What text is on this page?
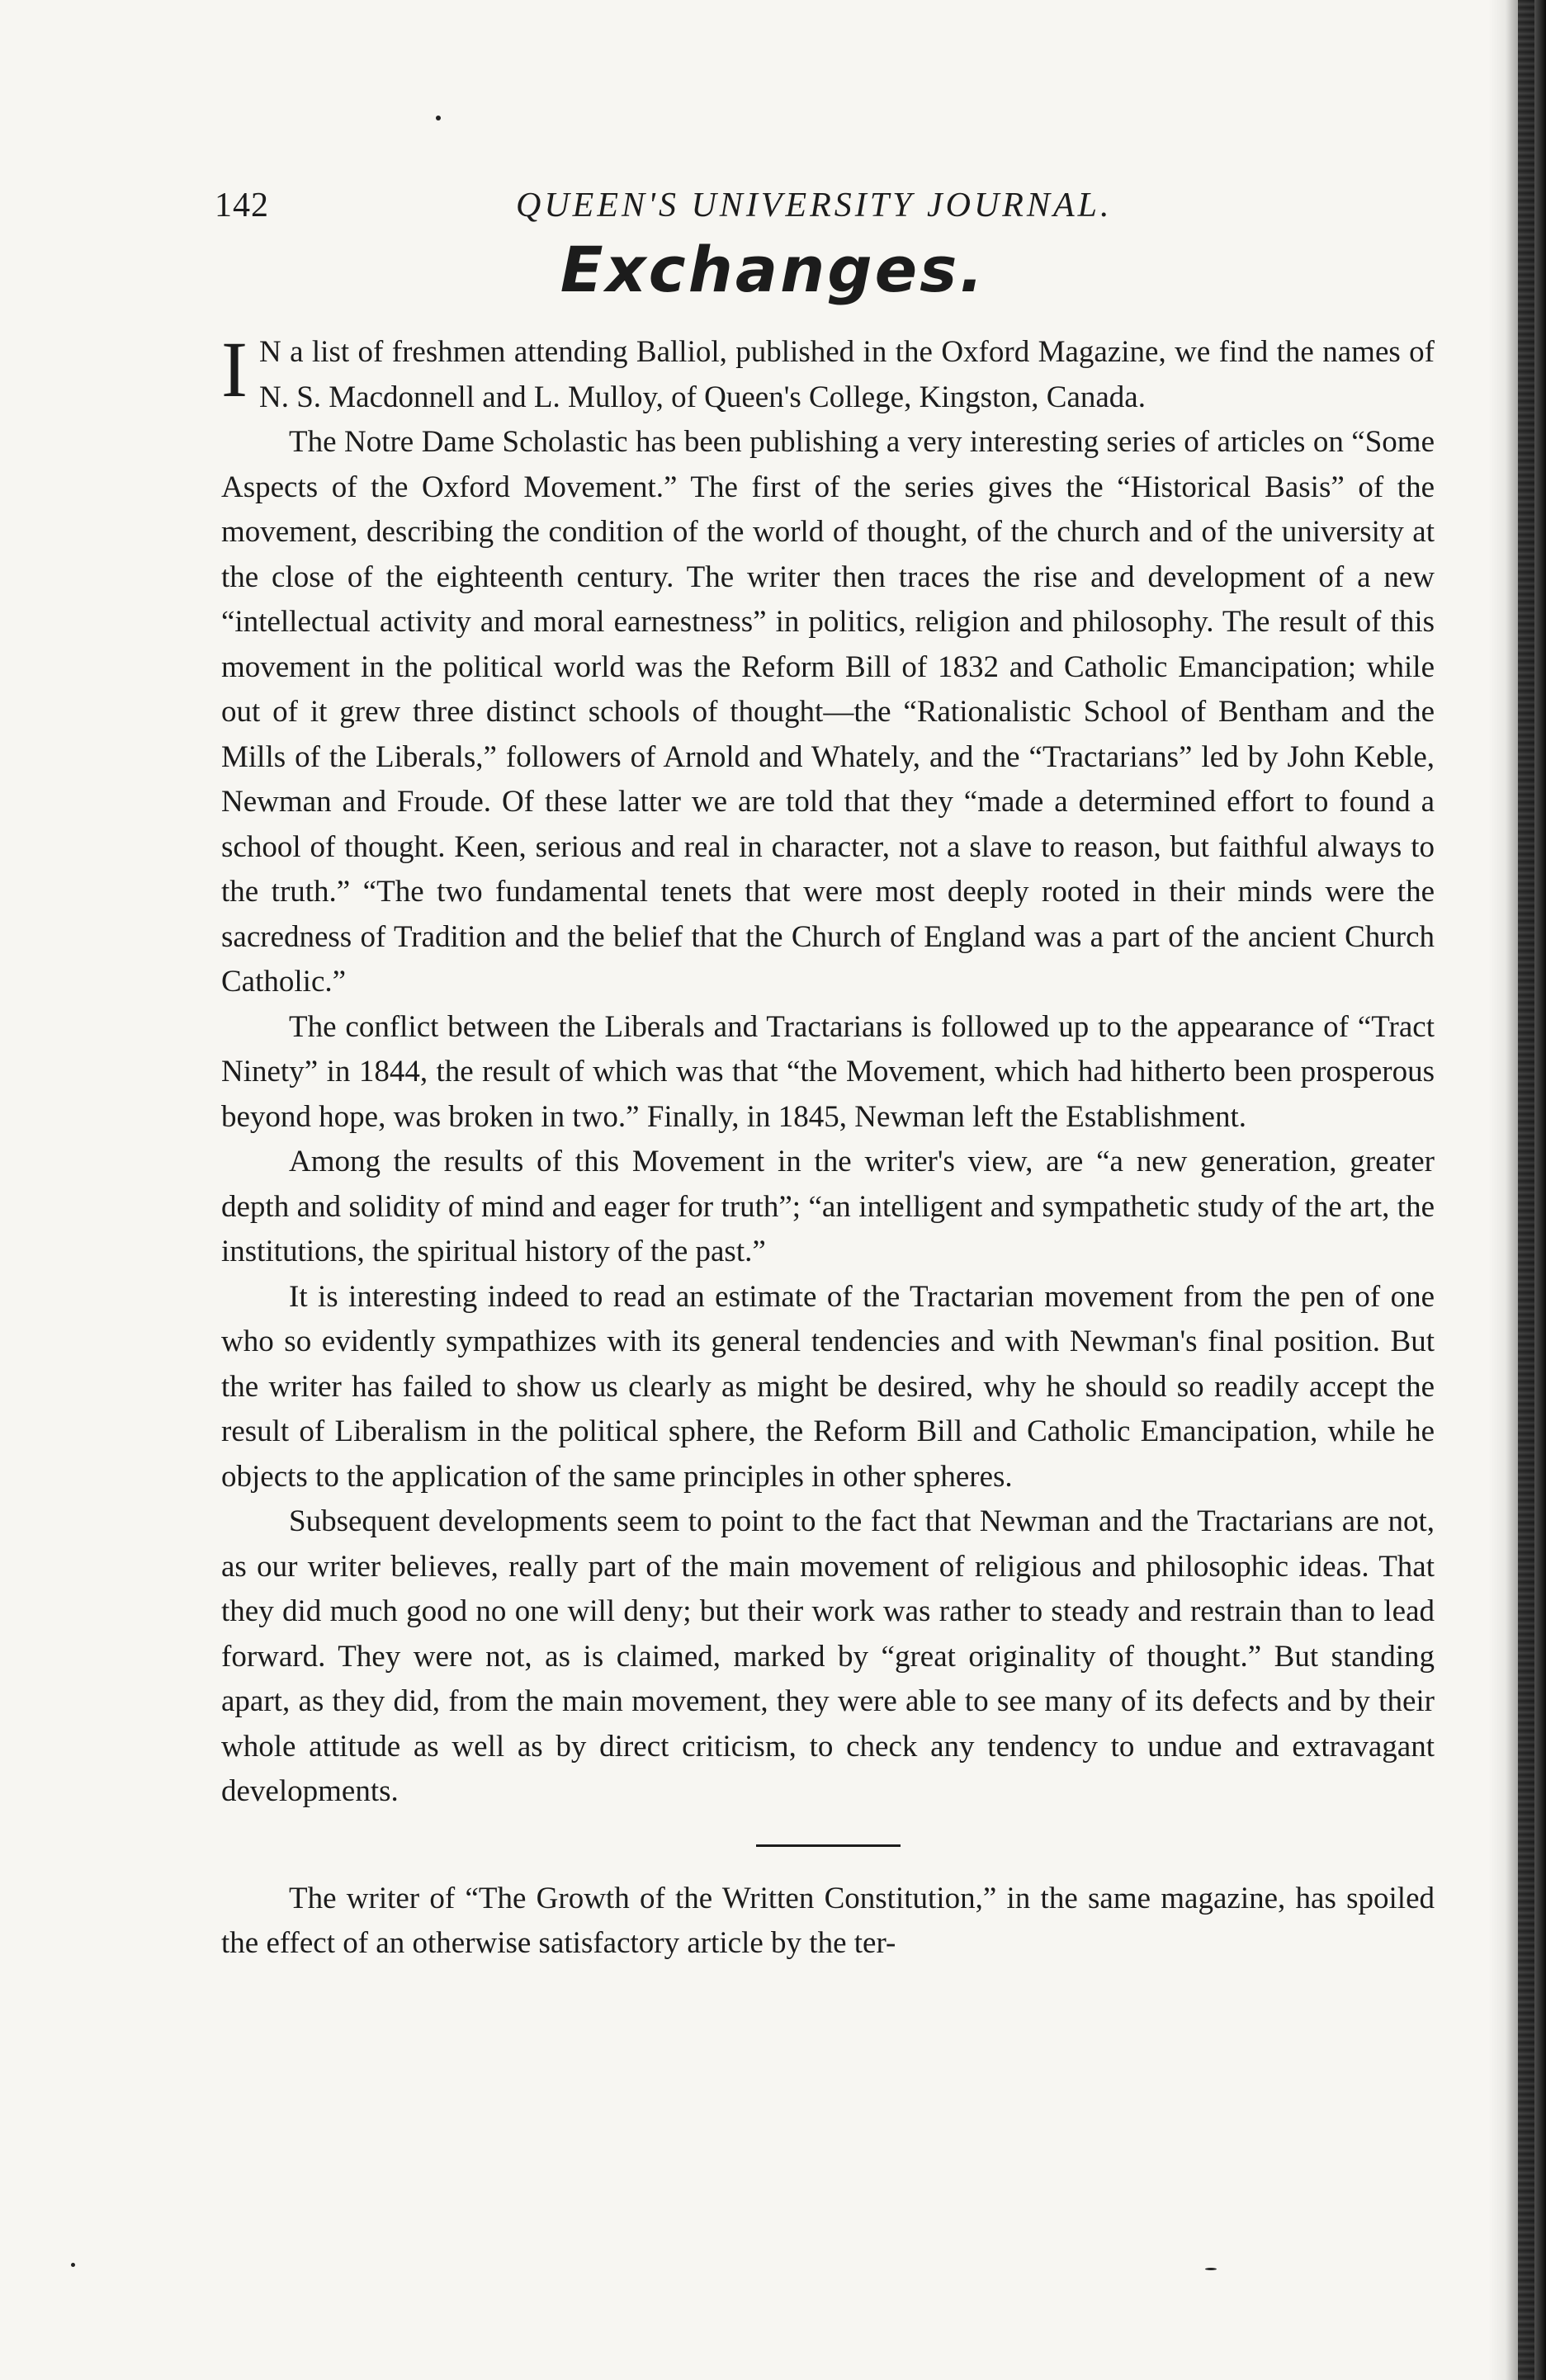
142	QUEEN'S UNIVERSITY JOURNAL.
Exchanges.

I N a list of freshmen attending Balliol, published in the Oxford Magazine, we find the names of N. S. Macdonnell and L. Mulloy, of Queen's College, Kingston, Canada.

The Notre Dame Scholastic has been publishing a very interesting series of articles on “Some Aspects of the Oxford Movement.” The first of the series gives the “Historical Basis” of the movement, describing the condition of the world of thought, of the church and of the university at the close of the eighteenth century. The writer then traces the rise and development of a new “intellectual activity and moral earnestness” in politics, religion and philosophy. The result of this movement in the political world was the Reform Bill of 1832 and Catholic Emancipation; while out of it grew three distinct schools of thought—the “Rationalistic School of Bentham and the Mills of the Liberals,” followers of Arnold and Whately, and the “Tractarians” led by John Keble, Newman and Froude. Of these latter we are told that they “made a determined effort to found a school of thought. Keen, serious and real in character, not a slave to reason, but faithful always to the truth.” “The two fundamental tenets that were most deeply rooted in their minds were the sacredness of Tradition and the belief that the Church of England was a part of the ancient Church Catholic.”

The conflict between the Liberals and Tractarians is followed up to the appearance of “Tract Ninety” in 1844, the result of which was that “the Movement, which had hitherto been prosperous beyond hope, was broken in two.” Finally, in 1845, Newman left the Establishment.

Among the results of this Movement in the writer's view, are “a new generation, greater depth and solidity of mind and eager for truth”; “an intelligent and sympathetic study of the art, the institutions, the spiritual history of the past.”

It is interesting indeed to read an estimate of the Tractarian movement from the pen of one who so evidently sympathizes with its general tendencies and with Newman's final position. But the writer has failed to show us clearly as might be desired, why he should so readily accept the result of Liberalism in the political sphere, the Reform Bill and Catholic Emancipation, while he objects to the application of the same principles in other spheres.

Subsequent developments seem to point to the fact that Newman and the Tractarians are not, as our writer believes, really part of the main movement of religious and philosophic ideas. That they did much good no one will deny; but their work was rather to steady and restrain than to lead forward. They were not, as is claimed, marked by “great originality of thought.” But standing apart, as they did, from the main movement, they were able to see many of its defects and by their whole attitude as well as by direct criticism, to check any tendency to undue and extravagant developments.

The writer of “The Growth of the Written Constitution,” in the same magazine, has spoiled the effect of an otherwise satisfactory article by the ter-
